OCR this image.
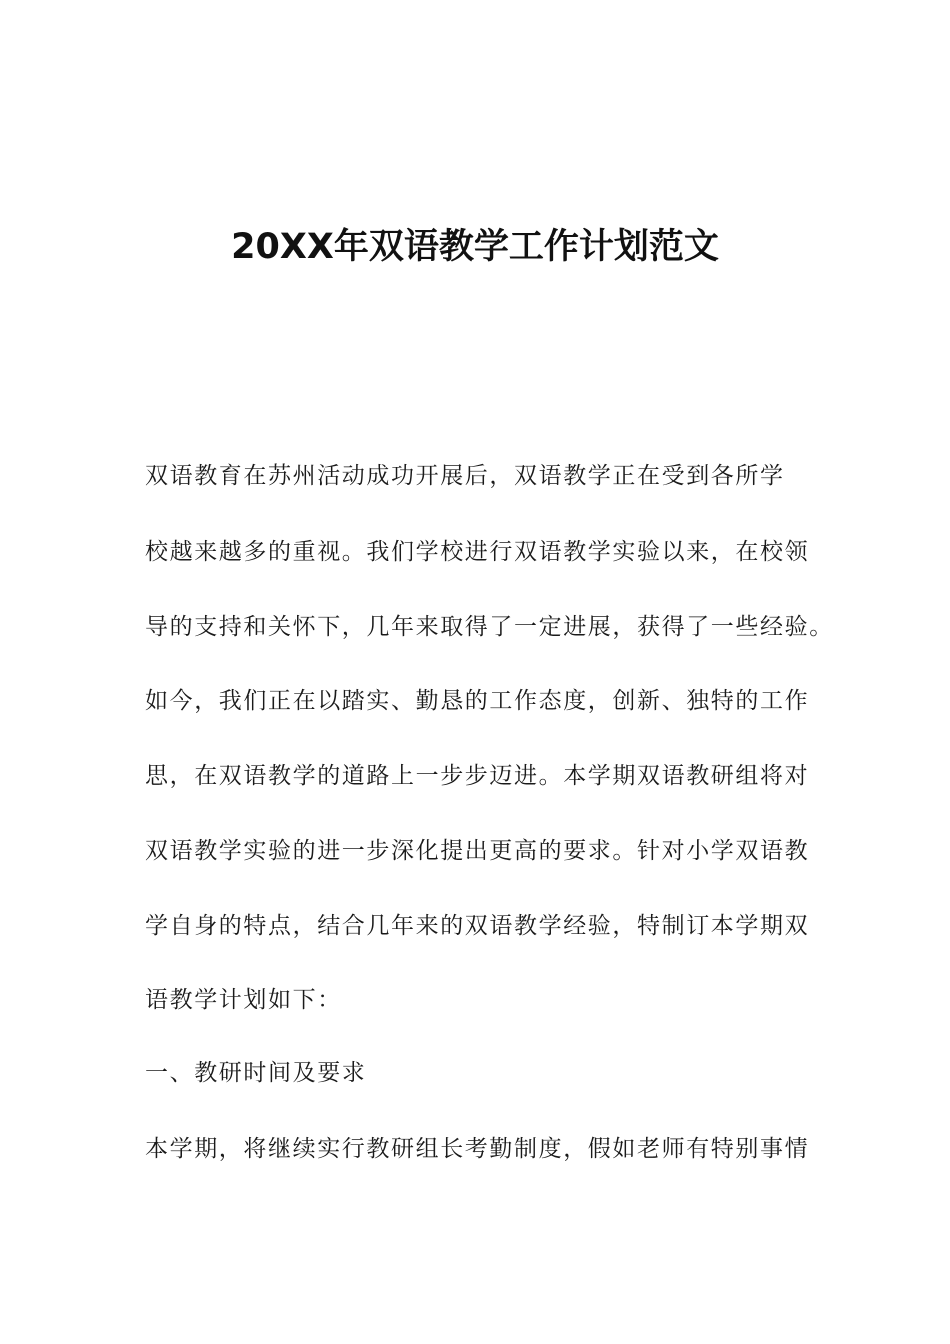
20XX年双语教学工作计划范文
双语教育在苏州活动成功开展后，双语教学正在受到各所学
校越来越多的重视。我们学校进行双语教学实验以来，在校领
导的支持和关怀下，几年来取得了一定进展，获得了一些经验。
如今，我们正在以踏实、勤恳的工作态度，创新、独特的工作
思，在双语教学的道路上一步步迈进。本学期双语教研组将对
双语教学实验的进一步深化提出更高的要求。针对小学双语教
学自身的特点，结合几年来的双语教学经验，特制订本学期双
语教学计划如下：
一、教研时间及要求
本学期，将继续实行教研组长考勤制度，假如老师有特别事情
